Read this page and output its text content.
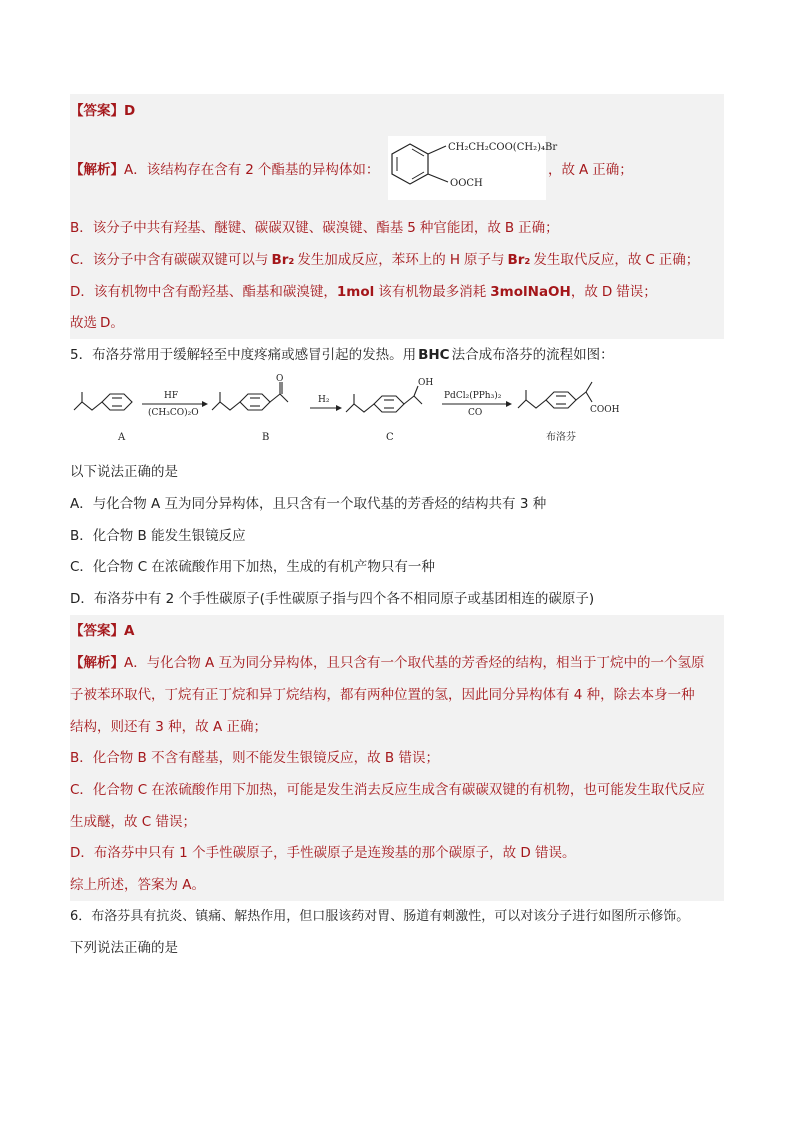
【答案】D
【解析】A．该结构存在含有 2 个酯基的异构体如：
CH₂CH₂COO(CH₂)₄Br
OOCH
，故 A 正确；
B．该分子中共有羟基、醚键、碳碳双键、碳溴键、酯基 5 种官能团，故 B 正确；
C．该分子中含有碳碳双键可以与 Br₂ 发生加成反应，苯环上的 H 原子与 Br₂ 发生取代反应，故 C 正确；
D．该有机物中含有酚羟基、酯基和碳溴键，1mol 该有机物最多消耗 3molNaOH，故 D 错误；
故选 D。
5．布洛芬常用于缓解轻至中度疼痛或感冒引起的发热。用 BHC 法合成布洛芬的流程如图：
A
HF
(CH₃CO)₂O
O
B
H₂
OH
C
PdCl₂(PPh₃)₂
CO	COOH
布洛芬
以下说法正确的是
A．与化合物 A 互为同分异构体，且只含有一个取代基的芳香烃的结构共有 3 种
B．化合物 B 能发生银镜反应
C．化合物 C 在浓硫酸作用下加热，生成的有机产物只有一种
D．布洛芬中有 2 个手性碳原子(手性碳原子指与四个各不相同原子或基团相连的碳原子)
【答案】A
【解析】A．与化合物 A 互为同分异构体，且只含有一个取代基的芳香烃的结构，相当于丁烷中的一个氢原
子被苯环取代，丁烷有正丁烷和异丁烷结构，都有两种位置的氢，因此同分异构体有 4 种，除去本身一种
结构，则还有 3 种，故 A 正确；
B．化合物 B 不含有醛基，则不能发生银镜反应，故 B 错误；
C．化合物 C 在浓硫酸作用下加热，可能是发生消去反应生成含有碳碳双键的有机物，也可能发生取代反应
生成醚，故 C 错误；
D．布洛芬中只有 1 个手性碳原子，手性碳原子是连羧基的那个碳原子，故 D 错误。
综上所述，答案为 A。
6．布洛芬具有抗炎、镇痛、解热作用，但口服该药对胃、肠道有刺激性，可以对该分子进行如图所示修饰。
下列说法正确的是
